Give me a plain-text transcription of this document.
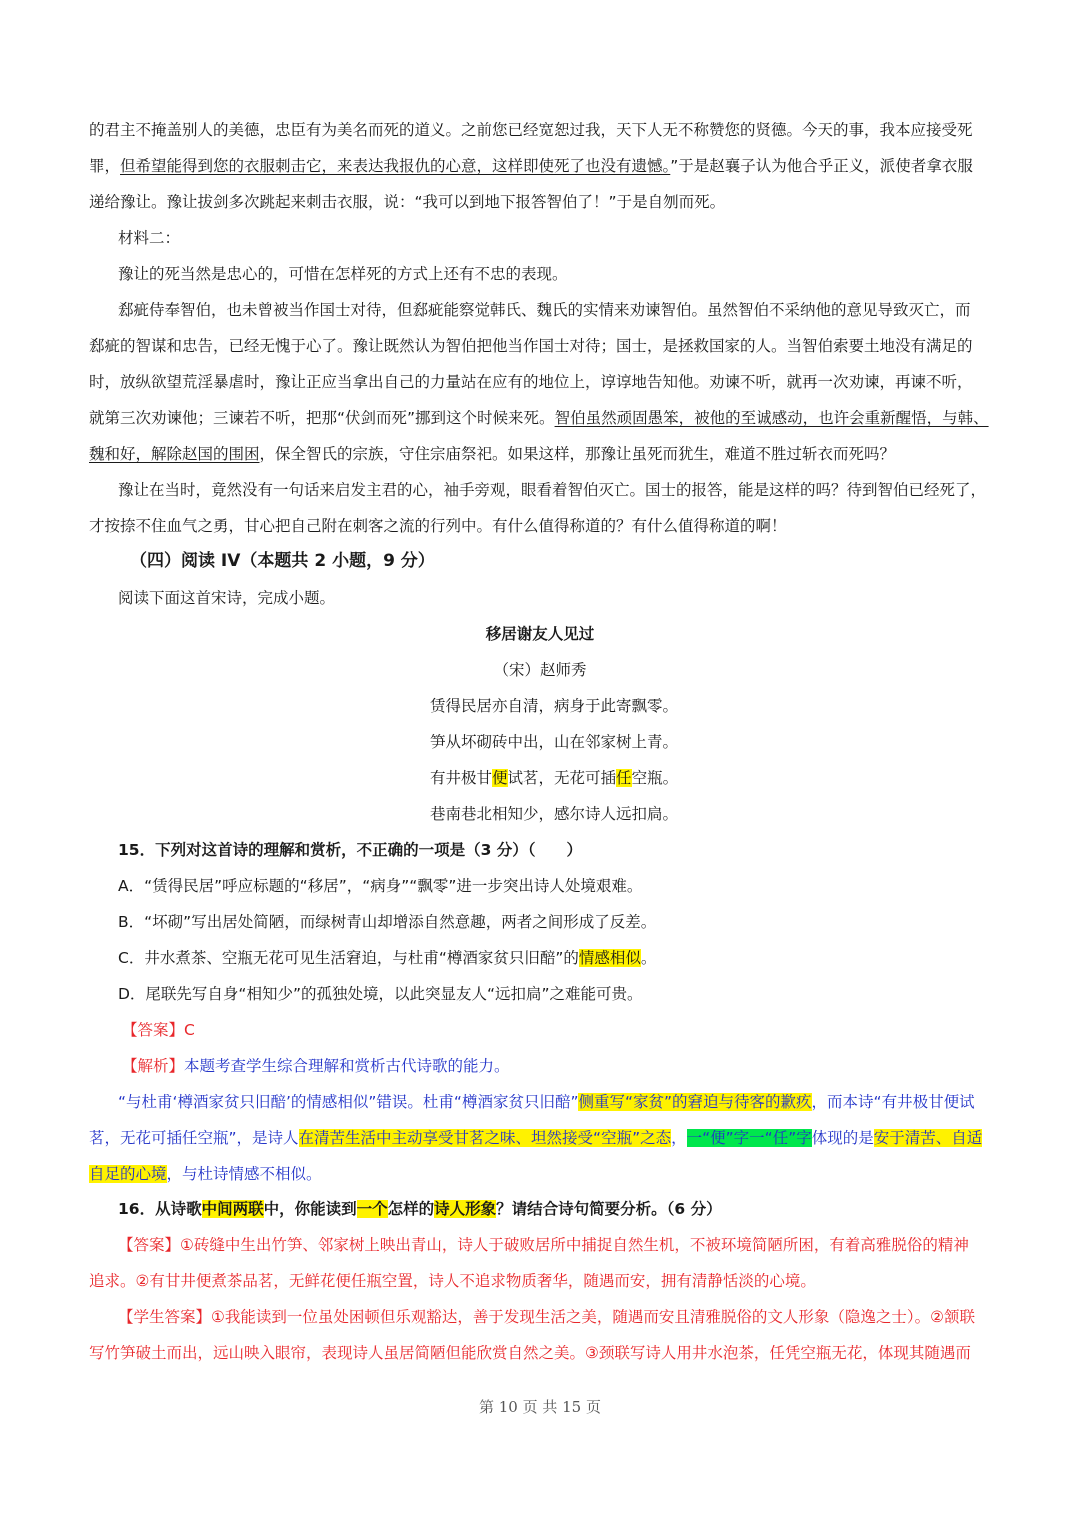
的君主不掩盖别人的美德，忠臣有为美名而死的道义。之前您已经宽恕过我，天下人无不称赞您的贤德。今天的事，我本应接受死
罪，但希望能得到您的衣服刺击它，来表达我报仇的心意，这样即使死了也没有遗憾。”于是赵襄子认为他合乎正义，派使者拿衣服
递给豫让。豫让拔剑多次跳起来刺击衣服，说：“我可以到地下报答智伯了！”于是自刎而死。
材料二：
豫让的死当然是忠心的，可惜在怎样死的方式上还有不忠的表现。
郄疵侍奉智伯，也未曾被当作国士对待，但郄疵能察觉韩氏、魏氏的实情来劝谏智伯。虽然智伯不采纳他的意见导致灭亡，而
郄疵的智谋和忠告，已经无愧于心了。豫让既然认为智伯把他当作国士对待；国士，是拯救国家的人。当智伯索要土地没有满足的
时，放纵欲望荒淫暴虐时，豫让正应当拿出自己的力量站在应有的地位上，谆谆地告知他。劝谏不听，就再一次劝谏，再谏不听，
就第三次劝谏他；三谏若不听，把那“伏剑而死”挪到这个时候来死。智伯虽然顽固愚笨，被他的至诚感动，也许会重新醒悟，与韩、
魏和好，解除赵国的围困，保全智氏的宗族，守住宗庙祭祀。如果这样，那豫让虽死而犹生，难道不胜过斩衣而死吗？
豫让在当时，竟然没有一句话来启发主君的心，袖手旁观，眼看着智伯灭亡。国士的报答，能是这样的吗？待到智伯已经死了，
才按捺不住血气之勇，甘心把自己附在刺客之流的行列中。有什么值得称道的？有什么值得称道的啊！
（四）阅读 IV（本题共 2 小题，9 分）
阅读下面这首宋诗，完成小题。
移居谢友人见过
（宋）赵师秀
赁得民居亦自清，病身于此寄飘零。
笋从坏砌砖中出，山在邻家树上青。
有井极甘便试茗，无花可插任空瓶。
巷南巷北相知少，感尔诗人远扣扃。
15．下列对这首诗的理解和赏析，不正确的一项是（3 分）（　　）
A．“赁得民居”呼应标题的“移居”，“病身”“飘零”进一步突出诗人处境艰难。
B．“坏砌”写出居处简陋，而绿树青山却增添自然意趣，两者之间形成了反差。
C．井水煮茶、空瓶无花可见生活窘迫，与杜甫“樽酒家贫只旧醅”的情感相似。
D．尾联先写自身“相知少”的孤独处境，以此突显友人“远扣扃”之难能可贵。
【答案】C
【解析】本题考查学生综合理解和赏析古代诗歌的能力。
“与杜甫‘樽酒家贫只旧醅’的情感相似”错误。杜甫“樽酒家贫只旧醅”侧重写“家贫”的窘迫与待客的歉疚，而本诗“有井极甘便试
茗，无花可插任空瓶”，是诗人在清苦生活中主动享受甘茗之味、坦然接受“空瓶”之态，一“便”字一“任”字体现的是安于清苦、自适
自足的心境，与杜诗情感不相似。
16．从诗歌中间两联中，你能读到一个怎样的诗人形象？请结合诗句简要分析。（6 分）
【答案】①砖缝中生出竹笋、邻家树上映出青山，诗人于破败居所中捕捉自然生机，不被环境简陋所困，有着高雅脱俗的精神
追求。②有甘井便煮茶品茗，无鲜花便任瓶空置，诗人不追求物质奢华，随遇而安，拥有清静恬淡的心境。
【学生答案】①我能读到一位虽处困顿但乐观豁达，善于发现生活之美，随遇而安且清雅脱俗的文人形象（隐逸之士）。②颔联
写竹笋破土而出，远山映入眼帘，表现诗人虽居简陋但能欣赏自然之美。③颈联写诗人用井水泡茶，任凭空瓶无花，体现其随遇而
第 10 页 共 15 页
